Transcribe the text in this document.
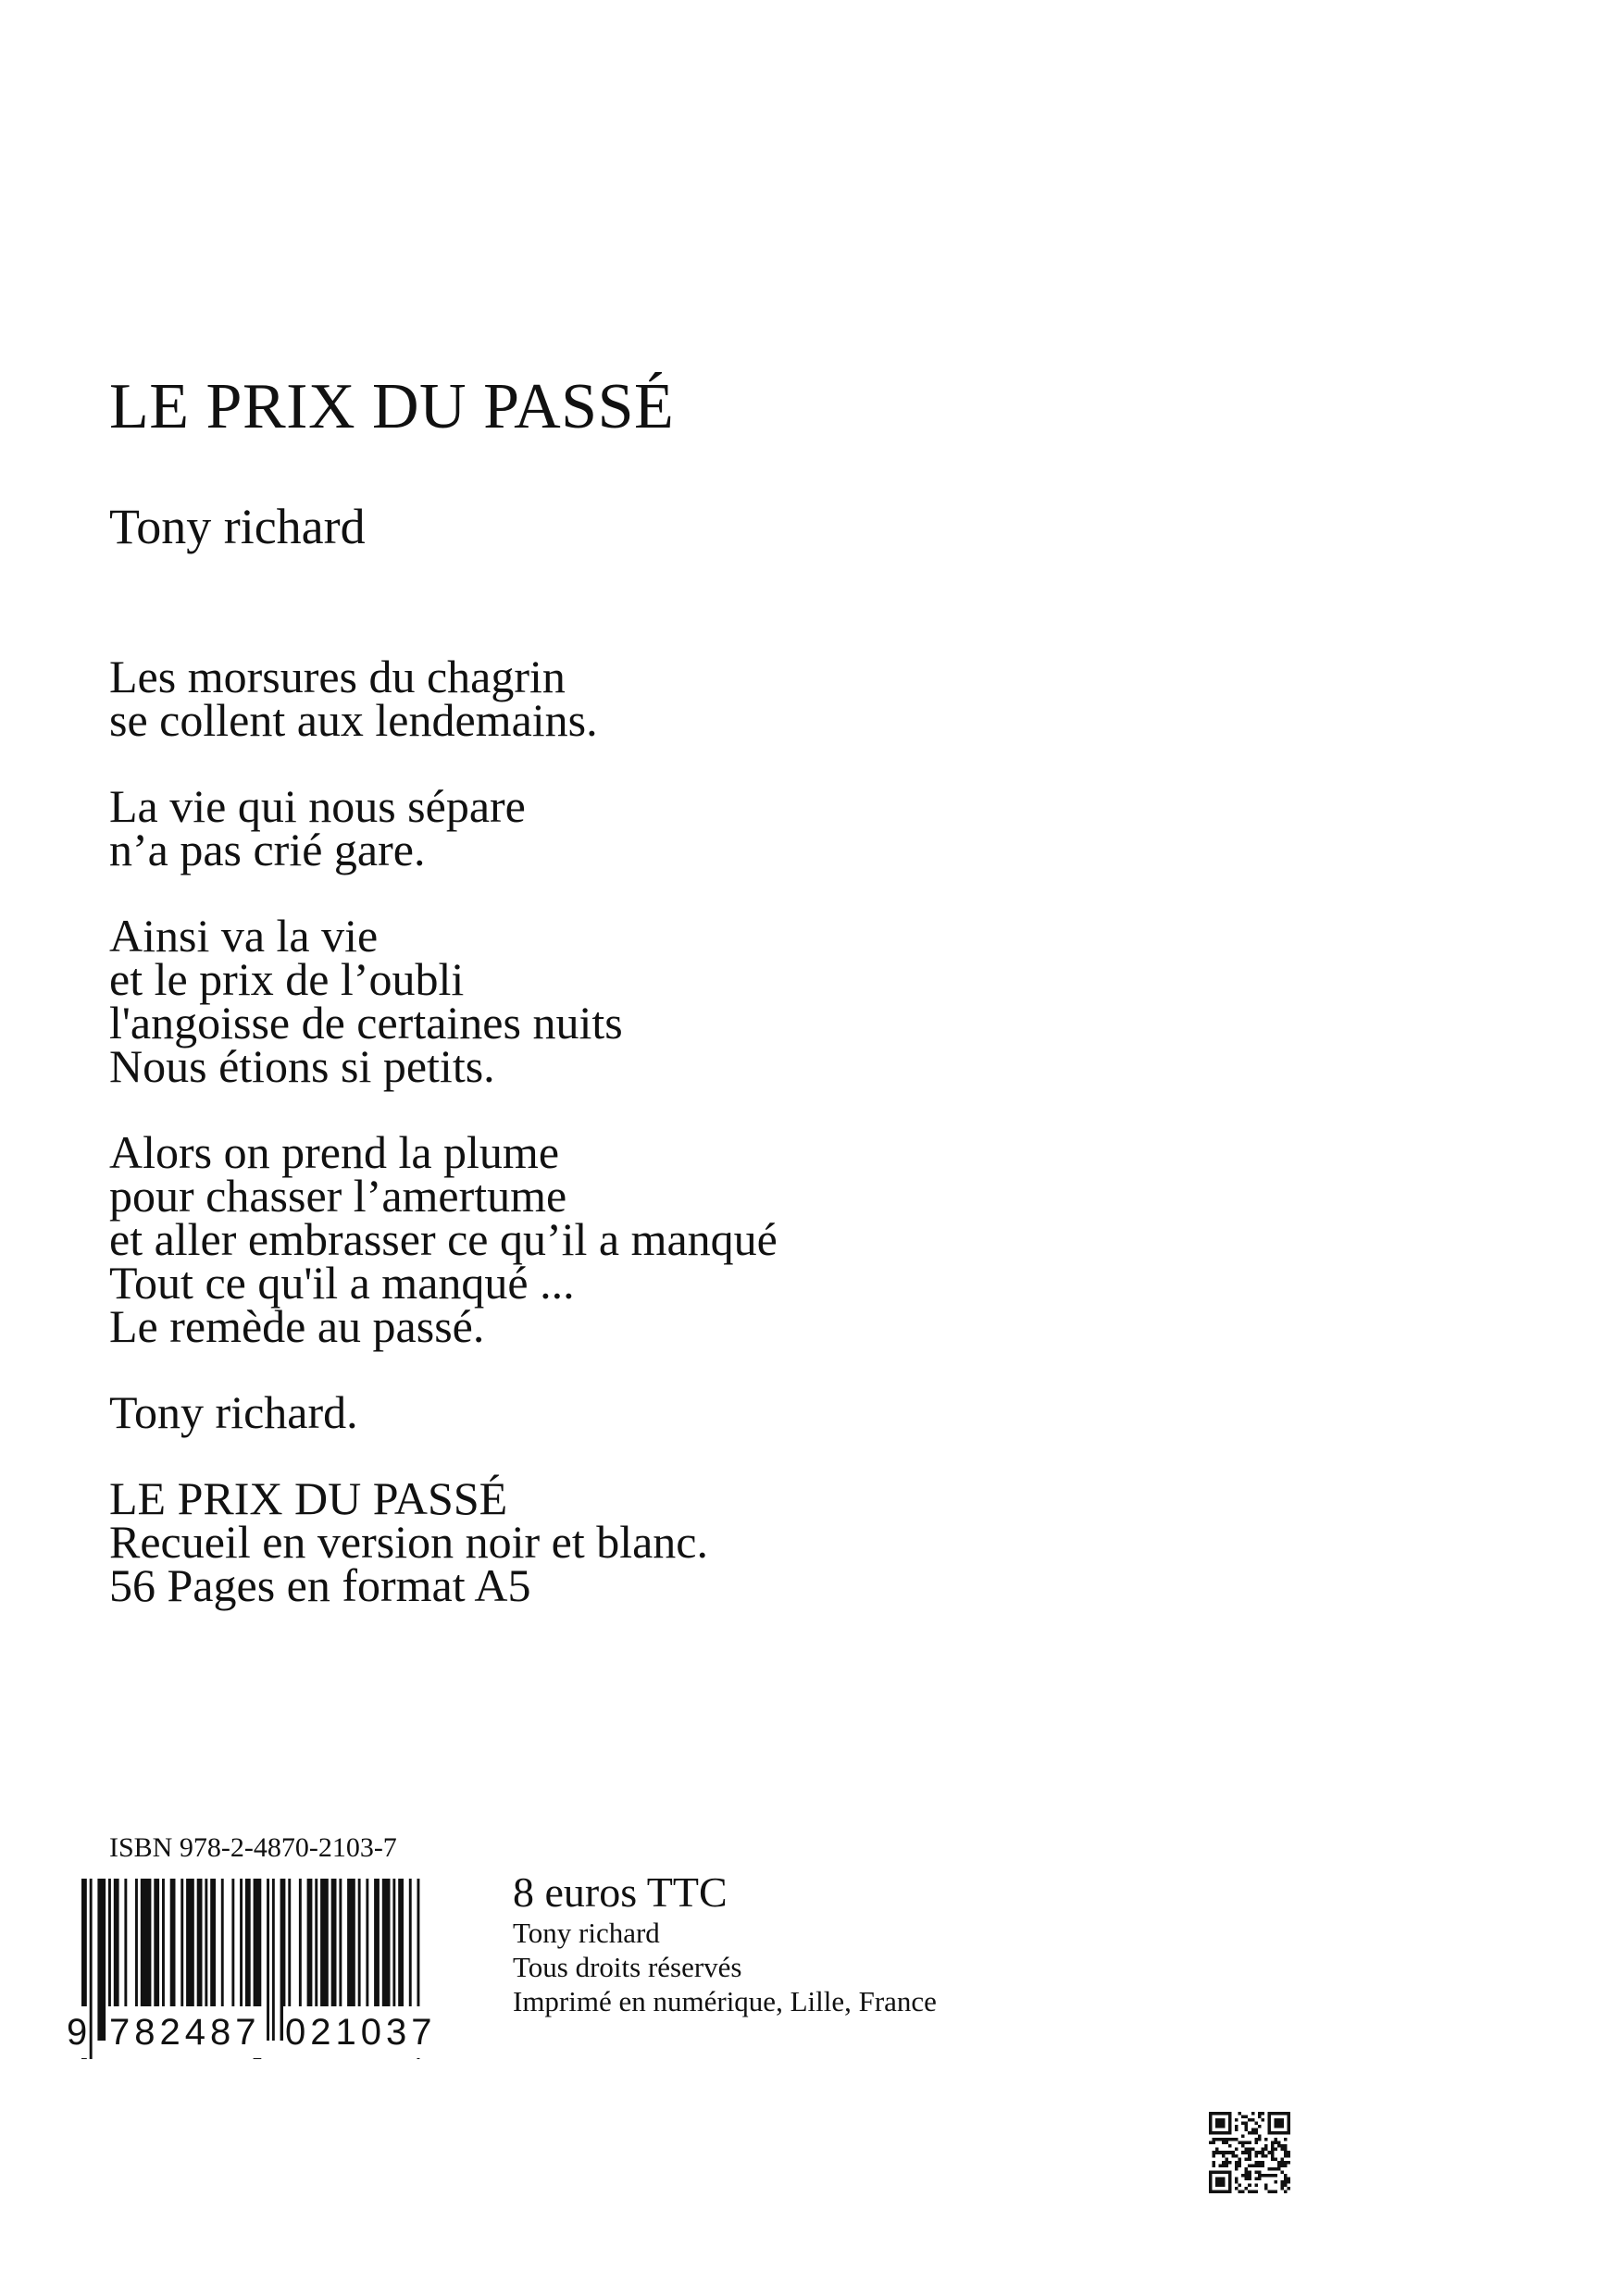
LE PRIX DU PASSÉ
Tony richard
Les morsures du chagrin
se collent aux lendemains.
La vie qui nous sépare
n’a pas crié gare.
Ainsi va la vie
et le prix de l’oubli
l'angoisse de certaines nuits
Nous étions si petits.
Alors on prend la plume
pour chasser l’amertume
et aller embrasser ce qu’il a manqué
Tout ce qu'il a manqué ...
Le remède au passé.
Tony richard.
LE PRIX DU PASSÉ
Recueil en version noir et blanc.
56 Pages en format A5
ISBN 978-2-4870-2103-7
9 782487 021037
8 euros TTC
Tony richard
Tous droits réservés
Imprimé en numérique, Lille, France
